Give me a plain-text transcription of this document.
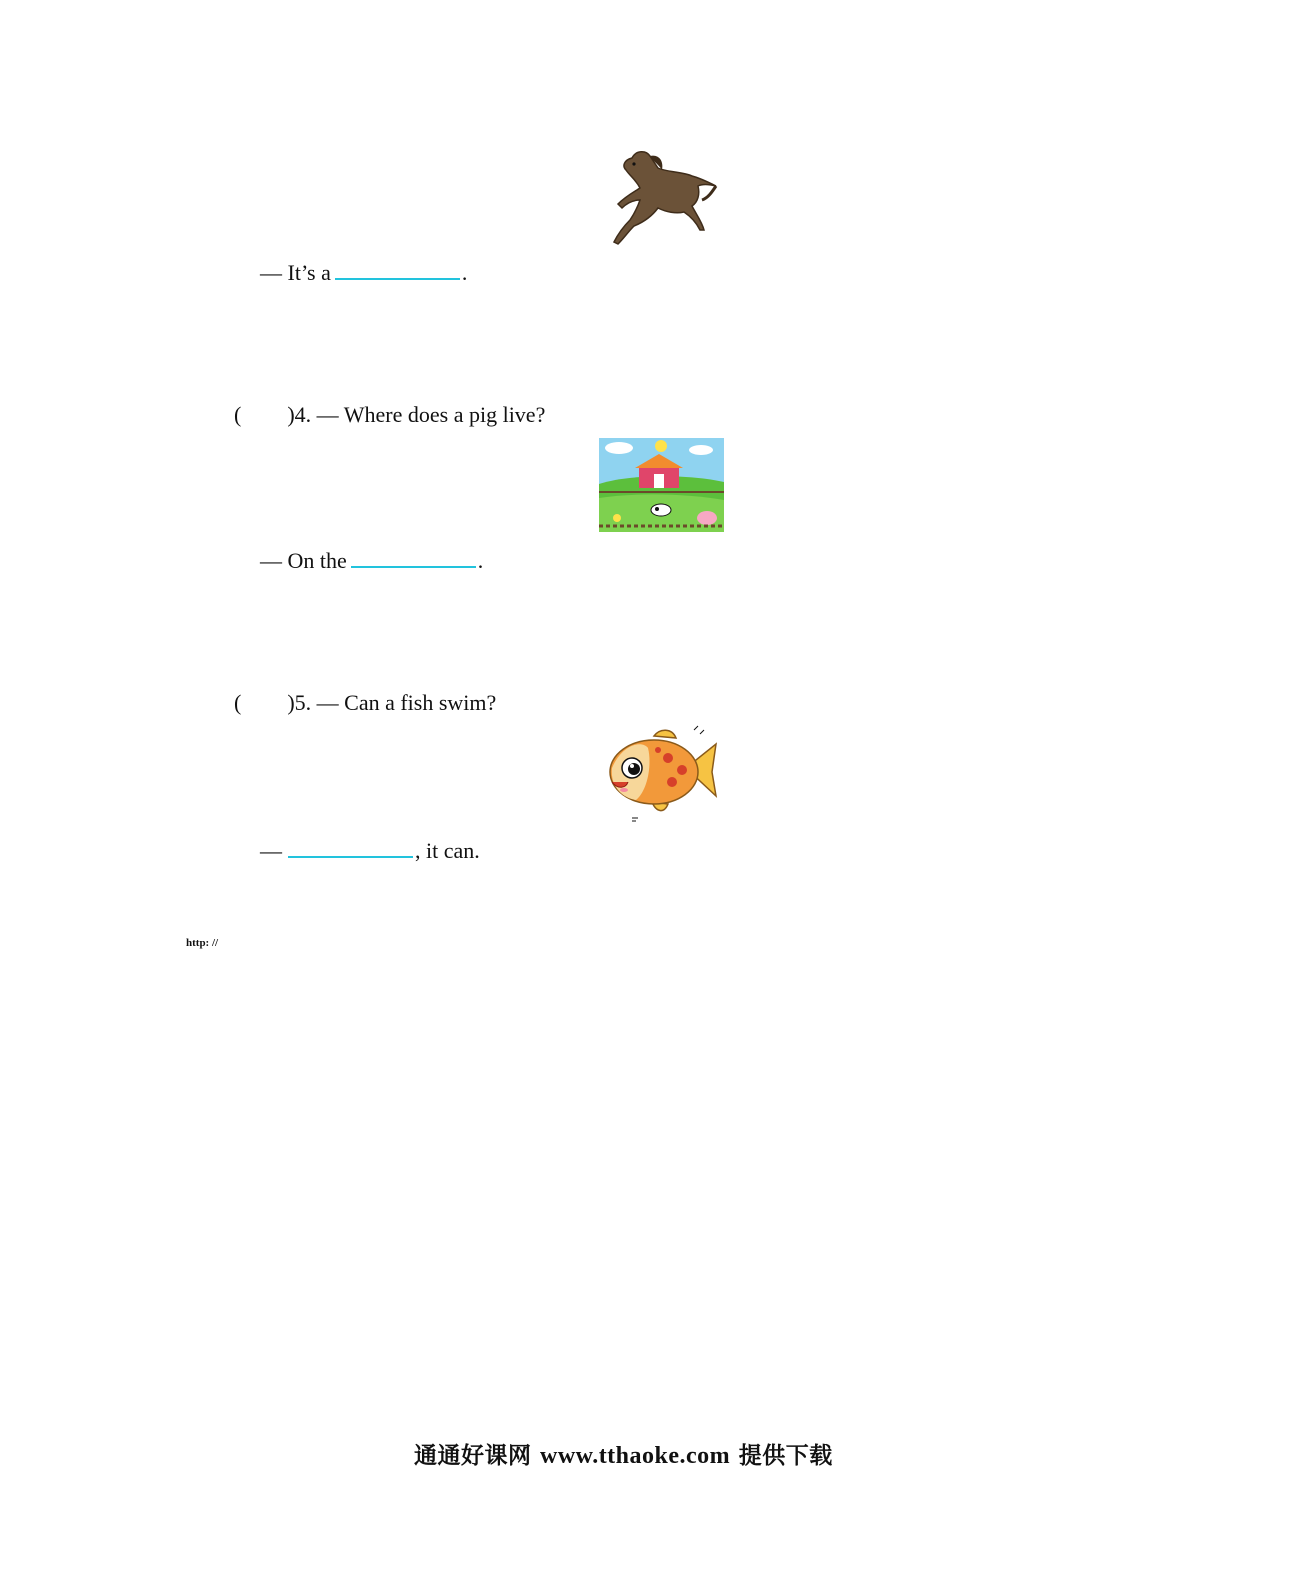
— It’s a	.
( )4. — Where does a pig live?
— On the	.
( )5. — Can a fish swim?
—	, it can.
http: //
通通好课网 www.tthaoke.com 提供下载
